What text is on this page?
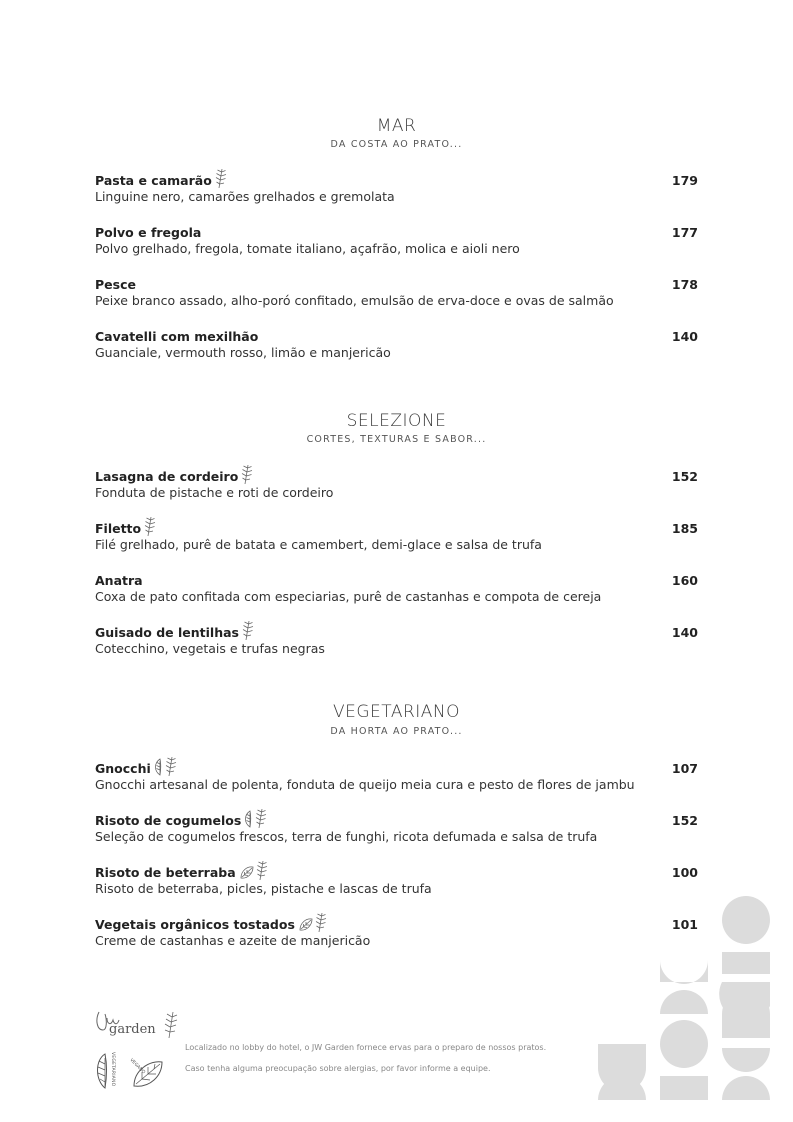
MAR
DA COSTA AO PRATO...
SELEZIONE
CORTES, TEXTURAS E SABOR...
VEGETARIANO
DA HORTA AO PRATO...
Pasta e camarão	179
Linguine nero, camarões grelhados e gremolata
Polvo e fregola	177
Polvo grelhado, fregola, tomate italiano, açafrão, molica e aioli nero
Pesce	178
Peixe branco assado, alho-poró confitado, emulsão de erva-doce e ovas de salmão
Cavatelli com mexilhão	140
Guanciale, vermouth rosso, limão e manjericão
Lasagna de cordeiro	152
Fonduta de pistache e roti de cordeiro
Filetto	185
Filé grelhado, purê de batata e camembert, demi-glace e salsa de trufa
Anatra	160
Coxa de pato confitada com especiarias, purê de castanhas e compota de cereja
Guisado de lentilhas	140
Cotecchino, vegetais e trufas negras
Gnocchi	107
Gnocchi artesanal de polenta, fonduta de queijo meia cura e pesto de flores de jambu
Risoto de cogumelos	152
Seleção de cogumelos frescos, terra de funghi, ricota defumada e salsa de trufa
Risoto de beterraba	100
Risoto de beterraba, picles, pistache e lascas de trufa
Vegetais orgânicos tostados	101
Creme de castanhas e azeite de manjericão
garden
VEGETARIANO	VEGANO
Localizado no lobby do hotel, o JW Garden fornece ervas para o preparo de nossos pratos.
Caso tenha alguma preocupação sobre alergias, por favor informe a equipe.
